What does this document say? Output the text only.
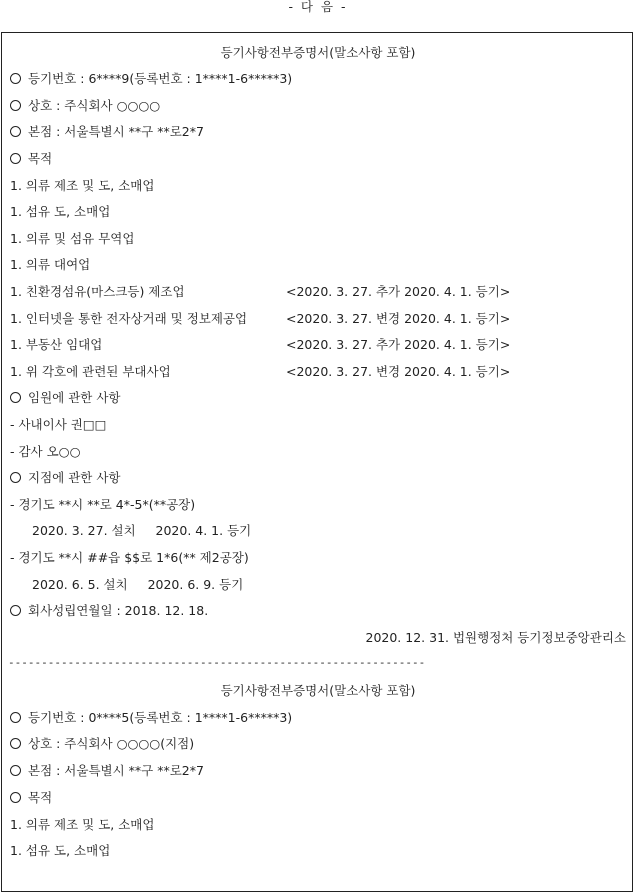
- 다 음 -
등기사항전부증명서(말소사항 포함)
등기번호 : 6****9(등록번호 : 1****1-6*****3)
상호 : 주식회사 ○○○○
본점 : 서울특별시 **구 **로2*7
목적
1. 의류 제조 및 도, 소매업
1. 섬유 도, 소매업
1. 의류 및 섬유 무역업
1. 의류 대여업
1. 친환경섬유(마스크등) 제조업	<2020. 3. 27. 추가 2020. 4. 1. 등기>
1. 인터넷을 통한 전자상거래 및 정보제공업	<2020. 3. 27. 변경 2020. 4. 1. 등기>
1. 부동산 임대업	<2020. 3. 27. 추가 2020. 4. 1. 등기>
1. 위 각호에 관련된 부대사업	<2020. 3. 27. 변경 2020. 4. 1. 등기>
임원에 관한 사항
- 사내이사 권□□
- 감사 오○○
지점에 관한 사항
- 경기도 **시 **로 4*-5*(**공장)
2020. 3. 27. 설치     2020. 4. 1. 등기
- 경기도 **시 ##읍 $$로 1*6(** 제2공장)
2020. 6. 5. 설치     2020. 6. 9. 등기
회사성립연월일 : 2018. 12. 18.
2020. 12. 31. 법원행정처 등기정보중앙관리소
---------------------------------------------------------------
등기사항전부증명서(말소사항 포함)
등기번호 : 0****5(등록번호 : 1****1-6*****3)
상호 : 주식회사 ○○○○(지점)
본점 : 서울특별시 **구 **로2*7
목적
1. 의류 제조 및 도, 소매업
1. 섬유 도, 소매업
